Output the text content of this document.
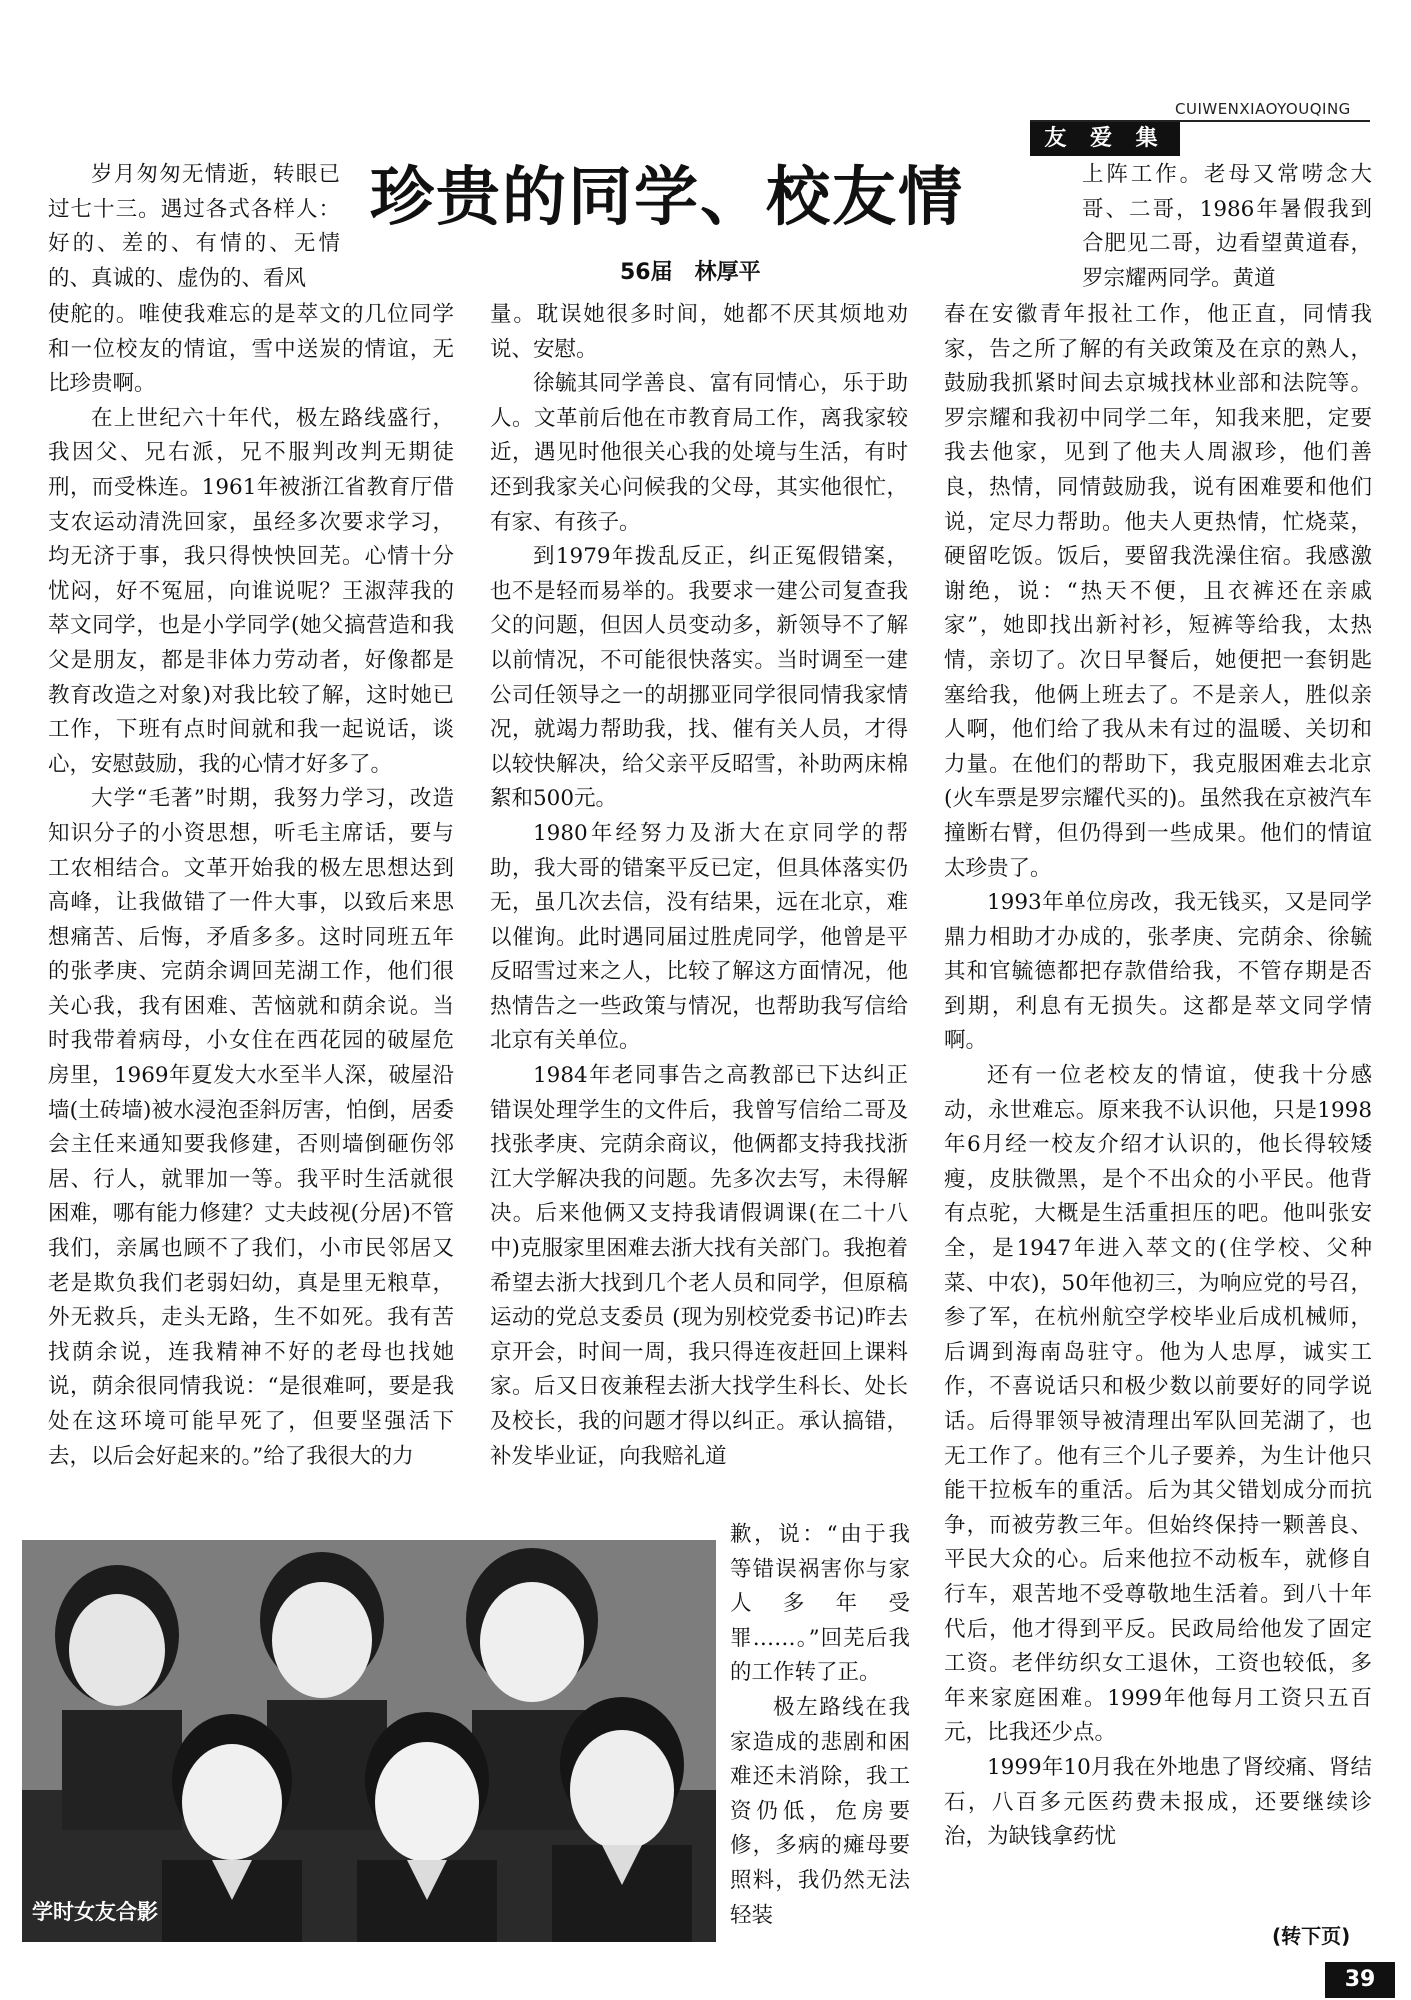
CUIWENXIAOYOUQING
友 爱 集
珍贵的同学、校友情
56届　林厚平

岁月匆匆无情逝，转眼已过七十三。遇过各式各样人：好的、差的、有情的、无情的、真诚的、虚伪的、看风

使舵的。唯使我难忘的是萃文的几位同学和一位校友的情谊，雪中送炭的情谊，无比珍贵啊。

在上世纪六十年代，极左路线盛行，我因父、兄右派，兄不服判改判无期徒刑，而受株连。1961年被浙江省教育厅借支农运动清洗回家，虽经多次要求学习，均无济于事，我只得怏怏回芜。心情十分忧闷，好不冤屈，向谁说呢？王淑萍我的萃文同学，也是小学同学(她父搞营造和我父是朋友，都是非体力劳动者，好像都是教育改造之对象)对我比较了解，这时她已工作，下班有点时间就和我一起说话，谈心，安慰鼓励，我的心情才好多了。

大学“毛著”时期，我努力学习，改造知识分子的小资思想，听毛主席话，要与工农相结合。文革开始我的极左思想达到高峰，让我做错了一件大事，以致后来思想痛苦、后悔，矛盾多多。这时同班五年的张孝庚、完荫余调回芜湖工作，他们很关心我，我有困难、苦恼就和荫余说。当时我带着病母，小女住在西花园的破屋危房里，1969年夏发大水至半人深，破屋沿墙(土砖墙)被水浸泡歪斜厉害，怕倒，居委会主任来通知要我修建，否则墙倒砸伤邻居、行人，就罪加一等。我平时生活就很困难，哪有能力修建？丈夫歧视(分居)不管我们，亲属也顾不了我们，小市民邻居又老是欺负我们老弱妇幼，真是里无粮草，外无救兵，走头无路，生不如死。我有苦找荫余说，连我精神不好的老母也找她说，荫余很同情我说：“是很难呵，要是我处在这环境可能早死了，但要坚强活下去，以后会好起来的。”给了我很大的力

量。耽误她很多时间，她都不厌其烦地劝说、安慰。

徐毓其同学善良、富有同情心，乐于助人。文革前后他在市教育局工作，离我家较近，遇见时他很关心我的处境与生活，有时还到我家关心问候我的父母，其实他很忙，有家、有孩子。

到1979年拨乱反正，纠正冤假错案，也不是轻而易举的。我要求一建公司复查我父的问题，但因人员变动多，新领导不了解以前情况，不可能很快落实。当时调至一建公司任领导之一的胡挪亚同学很同情我家情况，就竭力帮助我，找、催有关人员，才得以较快解决，给父亲平反昭雪，补助两床棉絮和500元。

1980年经努力及浙大在京同学的帮助，我大哥的错案平反已定，但具体落实仍无，虽几次去信，没有结果，远在北京，难以催询。此时遇同届过胜虎同学，他曾是平反昭雪过来之人，比较了解这方面情况，他热情告之一些政策与情况，也帮助我写信给北京有关单位。

1984年老同事告之高教部已下达纠正错误处理学生的文件后，我曾写信给二哥及找张孝庚、完荫余商议，他俩都支持我找浙江大学解决我的问题。先多次去写，未得解决。后来他俩又支持我请假调课(在二十八中)克服家里困难去浙大找有关部门。我抱着希望去浙大找到几个老人员和同学，但原稿运动的党总支委员 (现为别校党委书记)昨去京开会，时间一周，我只得连夜赶回上课料家。后又日夜兼程去浙大找学生科长、处长及校长，我的问题才得以纠正。承认搞错，补发毕业证，向我赔礼道

歉，说：“由于我等错误祸害你与家人多年受罪……。”回芜后我的工作转了正。

极左路线在我家造成的悲剧和困难还未消除，我工资仍低，危房要修，多病的瘫母要照料，我仍然无法轻装

上阵工作。老母又常唠念大哥、二哥，1986年暑假我到合肥见二哥，边看望黄道春，罗宗耀两同学。黄道

春在安徽青年报社工作，他正直，同情我家，告之所了解的有关政策及在京的熟人，鼓励我抓紧时间去京城找林业部和法院等。罗宗耀和我初中同学二年，知我来肥，定要我去他家，见到了他夫人周淑珍，他们善良，热情，同情鼓励我，说有困难要和他们说，定尽力帮助。他夫人更热情，忙烧菜，硬留吃饭。饭后，要留我洗澡住宿。我感激谢绝，说：“热天不便，且衣裤还在亲戚家”，她即找出新衬衫，短裤等给我，太热情，亲切了。次日早餐后，她便把一套钥匙塞给我，他俩上班去了。不是亲人，胜似亲人啊，他们给了我从未有过的温暖、关切和力量。在他们的帮助下，我克服困难去北京(火车票是罗宗耀代买的)。虽然我在京被汽车撞断右臂，但仍得到一些成果。他们的情谊太珍贵了。

1993年单位房改，我无钱买，又是同学鼎力相助才办成的，张孝庚、完荫余、徐毓其和官毓德都把存款借给我，不管存期是否到期，利息有无损失。这都是萃文同学情啊。

还有一位老校友的情谊，使我十分感动，永世难忘。原来我不认识他，只是1998年6月经一校友介绍才认识的，他长得较矮瘦，皮肤微黑，是个不出众的小平民。他背有点驼，大概是生活重担压的吧。他叫张安全，是1947年进入萃文的(住学校、父种菜、中农)，50年他初三，为响应党的号召，参了军，在杭州航空学校毕业后成机械师，后调到海南岛驻守。他为人忠厚，诚实工作，不喜说话只和极少数以前要好的同学说话。后得罪领导被清理出军队回芜湖了，也无工作了。他有三个儿子要养，为生计他只能干拉板车的重活。后为其父错划成分而抗争，而被劳教三年。但始终保持一颗善良、平民大众的心。后来他拉不动板车，就修自行车，艰苦地不受尊敬地生活着。到八十年代后，他才得到平反。民政局给他发了固定工资。老伴纺织女工退休，工资也较低，多年来家庭困难。1999年他每月工资只五百元，比我还少点。

1999年10月我在外地患了肾绞痛、肾结石，八百多元医药费未报成，还要继续诊治，为缺钱拿药忧

学时女友合影
(转下页)
39
